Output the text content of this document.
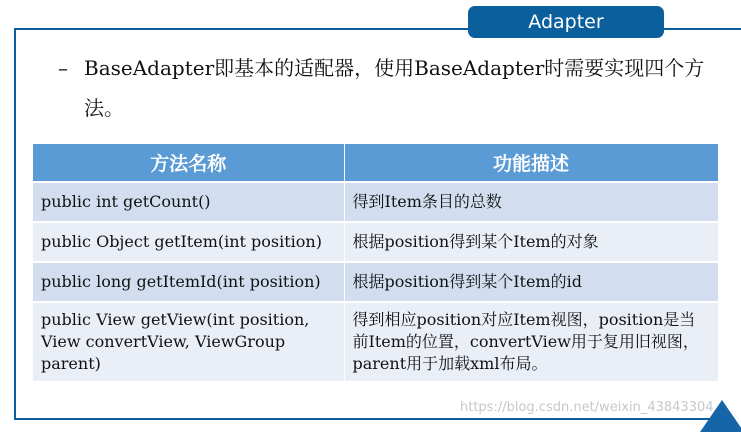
Adapter
– BaseAdapter即基本的适配器，使用BaseAdapter时需要实现四个方法。
方法名称	功能描述
public int getCount()	得到Item条目的总数
public Object getItem(int position)	根据position得到某个Item的对象
public long getItemId(int position)	根据position得到某个Item的id
public View getView(int position, View convertView, ViewGroup parent)	得到相应position对应Item视图，position是当前Item的位置，convertView用于复用旧视图，parent用于加载xml布局。
https://blog.csdn.net/weixin_43843304
